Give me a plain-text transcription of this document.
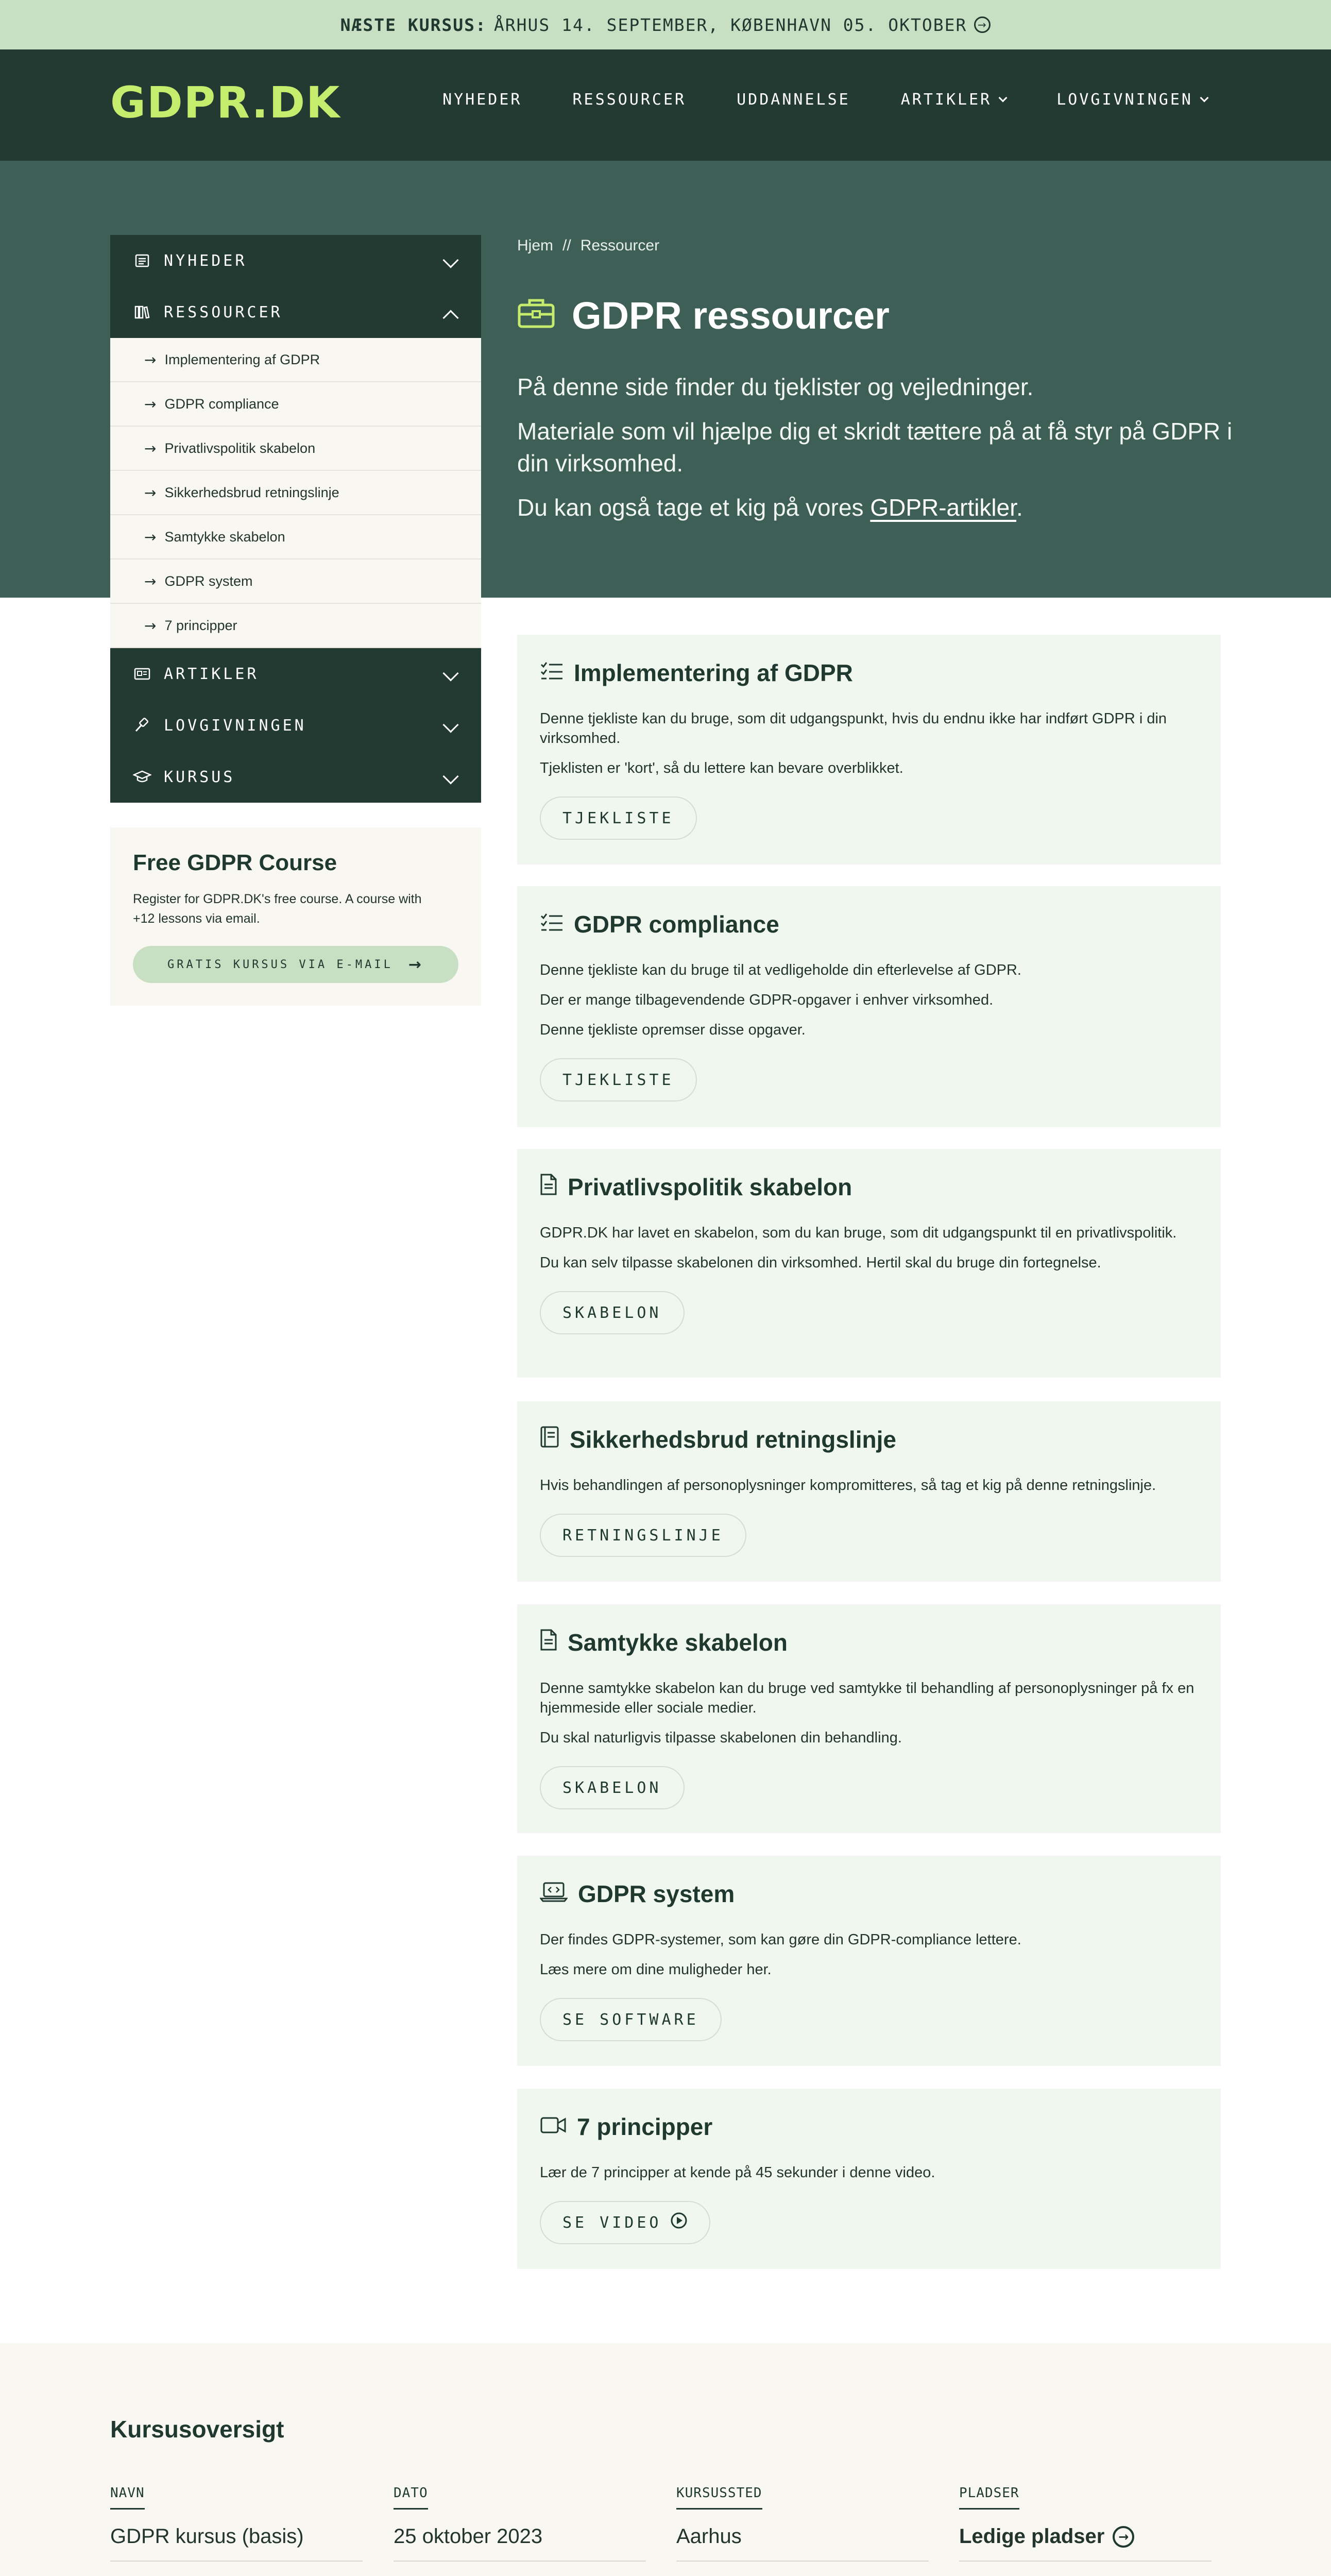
NÆSTE KURSUS: ÅRHUS 14. SEPTEMBER, KØBENHAVN 05. OKTOBER	→
GDPR.DK	NYHEDER	RESSOURCER	UDDANNELSE	ARTIKLER	LOVGIVNINGEN
Hjem // Ressourcer
GDPR ressourcer

På denne side finder du tjeklister og vejledninger.

Materiale som vil hjælpe dig et skridt tættere på at få styr på GDPR i din virksomhed.

Du kan også tage et kig på vores GDPR-artikler.

NYHEDER
RESSOURCER
→ Implementering af GDPR
→ GDPR compliance
→ Privatlivspolitik skabelon
→ Sikkerhedsbrud retningslinje
→ Samtykke skabelon
→ GDPR system
→ 7 principper
ARTIKLER
LOVGIVNINGEN
KURSUS
Free GDPR Course

Register for GDPR.DK's free course. A course with +12 lessons via email.

GRATIS KURSUS VIA E-MAIL →
Implementering af GDPR

Denne tjekliste kan du bruge, som dit udgangspunkt, hvis du endnu ikke har indført GDPR i din virksomhed.

Tjeklisten er 'kort', så du lettere kan bevare overblikket.

TJEKLISTE
GDPR compliance

Denne tjekliste kan du bruge til at vedligeholde din efterlevelse af GDPR.

Der er mange tilbagevendende GDPR-opgaver i enhver virksomhed.

Denne tjekliste opremser disse opgaver.

TJEKLISTE
Privatlivspolitik skabelon

GDPR.DK har lavet en skabelon, som du kan bruge, som dit udgangspunkt til en privatlivspolitik.

Du kan selv tilpasse skabelonen din virksomhed. Hertil skal du bruge din fortegnelse.

SKABELON
Sikkerhedsbrud retningslinje

Hvis behandlingen af personoplysninger kompromitteres, så tag et kig på denne retningslinje.

RETNINGSLINJE
Samtykke skabelon

Denne samtykke skabelon kan du bruge ved samtykke til behandling af personoplysninger på fx en hjemmeside eller sociale medier.

Du skal naturligvis tilpasse skabelonen din behandling.

SKABELON
GDPR system

Der findes GDPR-systemer, som kan gøre din GDPR-compliance lettere.

Læs mere om dine muligheder her.

SE SOFTWARE
7 principper

Lær de 7 principper at kende på 45 sekunder i denne video.

SE VIDEO
Kursusoversigt
NAVN
GDPR kursus (basis)
DATO
25 oktober 2023
KURSUSSTED
Aarhus
PLADSER
Ledige pladser	→
